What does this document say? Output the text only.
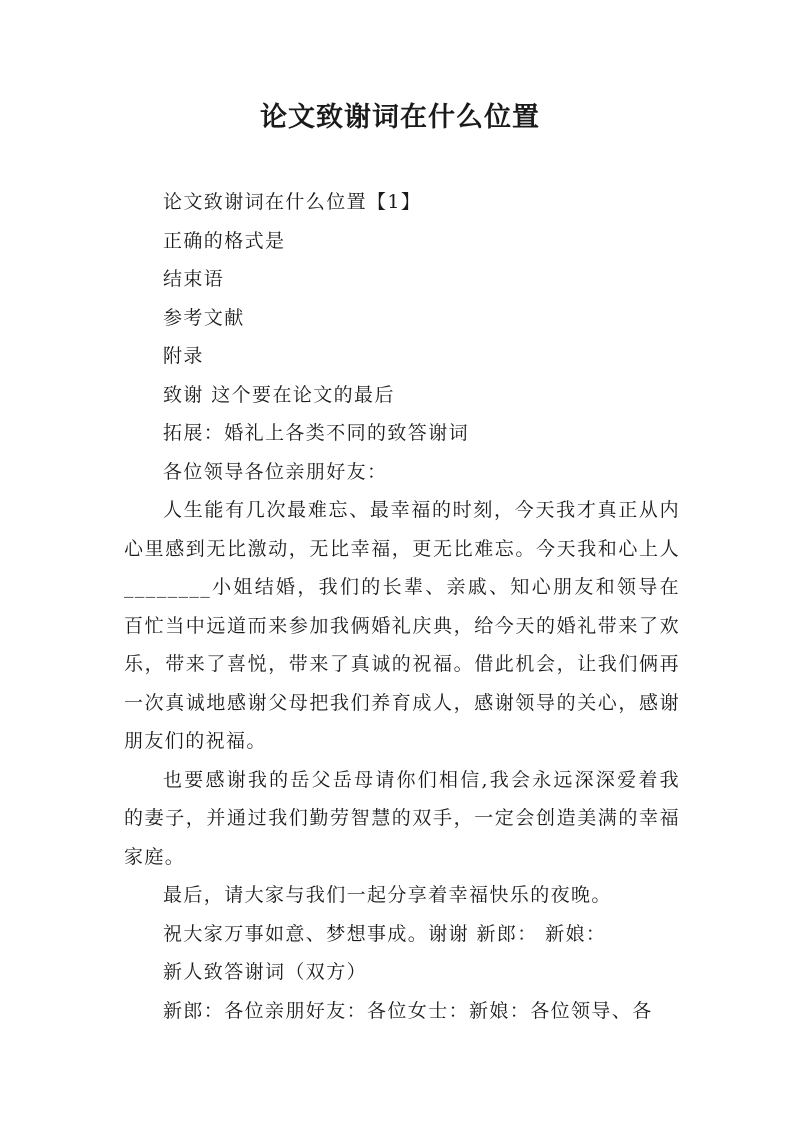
论文致谢词在什么位置

论文致谢词在什么位置【1】

正确的格式是

结束语

参考文献

附录

致谢 这个要在论文的最后

拓展：婚礼上各类不同的致答谢词

各位领导各位亲朋好友：

人生能有几次最难忘、最幸福的时刻，今天我才真正从内心里感到无比激动，无比幸福，更无比难忘。今天我和心上人________小姐结婚，我们的长辈、亲戚、知心朋友和领导在百忙当中远道而来参加我俩婚礼庆典，给今天的婚礼带来了欢乐，带来了喜悦，带来了真诚的祝福。借此机会，让我们俩再一次真诚地感谢父母把我们养育成人，感谢领导的关心，感谢朋友们的祝福。

也要感谢我的岳父岳母请你们相信,我会永远深深爱着我的妻子，并通过我们勤劳智慧的双手，一定会创造美满的幸福家庭。

最后，请大家与我们一起分享着幸福快乐的夜晚。

祝大家万事如意、梦想事成。谢谢 新郎： 新娘：

新人致答谢词（双方）

新郎：各位亲朋好友：各位女士：新娘：各位领导、各
